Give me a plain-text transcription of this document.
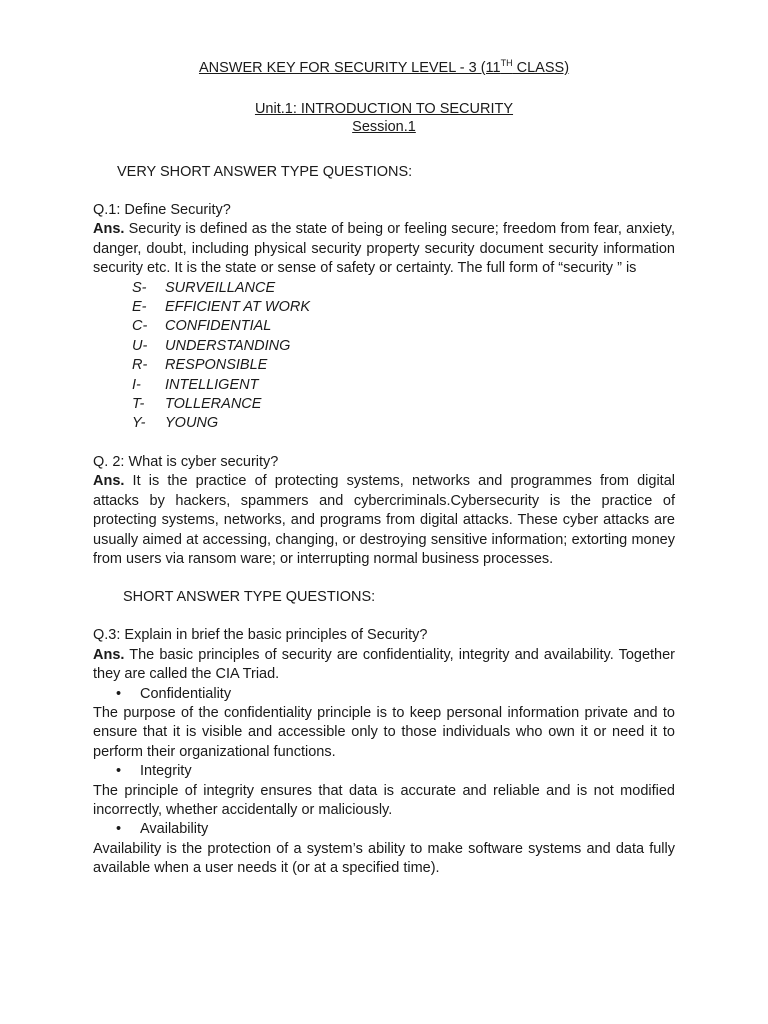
ANSWER KEY FOR SECURITY LEVEL - 3 (11TH CLASS)
Unit.1: INTRODUCTION TO SECURITY
Session.1
VERY SHORT ANSWER TYPE QUESTIONS:

Q.1: Define Security?

Ans. Security is defined as the state of being or feeling secure; freedom from fear, anxiety, danger, doubt, including physical security property security document security information security etc. It is the state or sense of safety or certainty. The full form of “security ” is

S-	SURVEILLANCE
E-	EFFICIENT AT WORK
C-	CONFIDENTIAL
U-	UNDERSTANDING
R-	RESPONSIBLE
I-	INTELLIGENT
T-	TOLLERANCE
Y-	YOUNG

Q. 2: What is cyber security?

Ans. It is the practice of protecting systems, networks and programmes from digital attacks by hackers, spammers and cybercriminals.Cybersecurity is the practice of protecting systems, networks, and programs from digital attacks. These cyber attacks are usually aimed at accessing, changing, or destroying sensitive information; extorting money from users via ransom ware; or interrupting normal business processes.

SHORT ANSWER TYPE QUESTIONS:

Q.3: Explain in brief the basic principles of Security?

Ans. The basic principles of security are confidentiality, integrity and availability. Together they are called the CIA Triad.

•	Confidentiality

The purpose of the confidentiality principle is to keep personal information private and to ensure that it is visible and accessible only to those individuals who own it or need it to perform their organizational functions.

•	Integrity

The principle of integrity ensures that data is accurate and reliable and is not modified incorrectly, whether accidentally or maliciously.

•	Availability

Availability is the protection of a system’s ability to make software systems and data fully available when a user needs it (or at a specified time).
